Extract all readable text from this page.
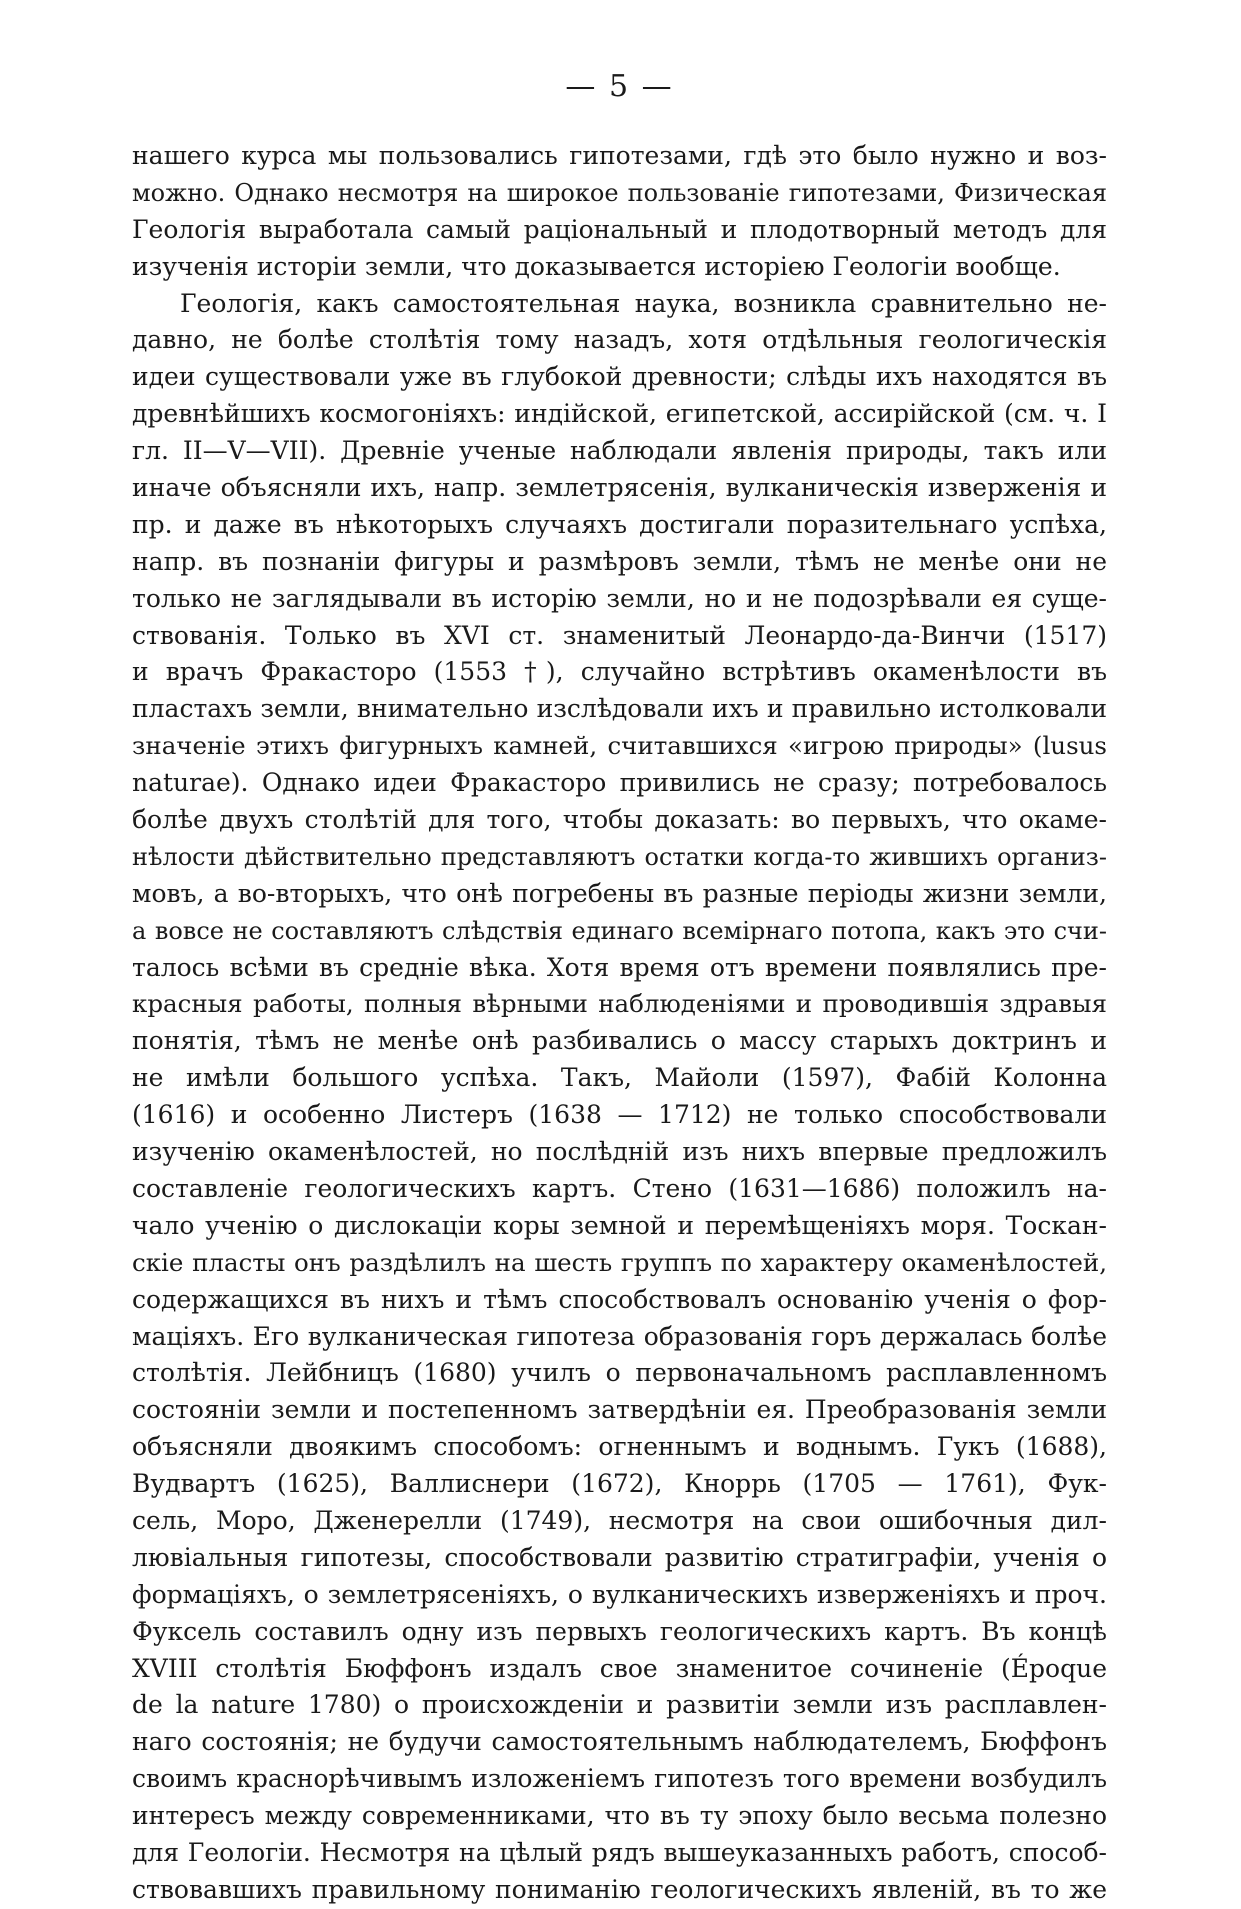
— 5 —
нашего курса мы пользовались гипотезами, гдѣ это было нужно и воз-
можно. Однако несмотря на широкое пользованіе гипотезами, Физическая
Геологія выработала самый раціональный и плодотворный методъ для
изученія исторіи земли, что доказывается исторіею Геологіи вообще.
Геологія, какъ самостоятельная наука, возникла сравнительно не-
давно, не болѣе столѣтія тому назадъ, хотя отдѣльныя геологическія
идеи существовали уже въ глубокой древности; слѣды ихъ находятся въ
древнѣйшихъ космогоніяхъ: индійской, египетской, ассирійской (см. ч. I
гл. II—V—VII). Древніе ученые наблюдали явленія природы, такъ или
иначе объясняли ихъ, напр. землетрясенія, вулканическія изверженія и
пр. и даже въ нѣкоторыхъ случаяхъ достигали поразительнаго успѣха,
напр. въ познаніи фигуры и размѣровъ земли, тѣмъ не менѣе они не
только не заглядывали въ исторію земли, но и не подозрѣвали ея суще-
ствованія. Только въ XVI ст. знаменитый Леонардо-да-Винчи (1517)
и врачъ Фракасторо (1553 †), случайно встрѣтивъ окаменѣлости въ
пластахъ земли, внимательно изслѣдовали ихъ и правильно истолковали
значеніе этихъ фигурныхъ камней, считавшихся «игрою природы» (lusus
naturae). Однако идеи Фракасторо привились не сразу; потребовалось
болѣе двухъ столѣтій для того, чтобы доказать: во первыхъ, что окаме-
нѣлости дѣйствительно представляютъ остатки когда-то жившихъ организ-
мовъ, а во-вторыхъ, что онѣ погребены въ разные періоды жизни земли,
а вовсе не составляютъ слѣдствія единаго всемірнаго потопа, какъ это счи-
талось всѣми въ средніе вѣка. Хотя время отъ времени появлялись пре-
красныя работы, полныя вѣрными наблюденіями и проводившія здравыя
понятія, тѣмъ не менѣе онѣ разбивались о массу старыхъ доктринъ и
не имѣли большого успѣха. Такъ, Майоли (1597), Фабій Колонна
(1616) и особенно Листеръ (1638 — 1712) не только способствовали
изученію окаменѣлостей, но послѣдній изъ нихъ впервые предложилъ
составленіе геологическихъ картъ. Стено (1631—1686) положилъ на-
чало ученію о дислокаціи коры земной и перемѣщеніяхъ моря. Тоскан-
скіе пласты онъ раздѣлилъ на шесть группъ по характеру окаменѣлостей,
содержащихся въ нихъ и тѣмъ способствовалъ основанію ученія о фор-
маціяхъ. Его вулканическая гипотеза образованія горъ держалась болѣе
столѣтія. Лейбницъ (1680) училъ о первоначальномъ расплавленномъ
состояніи земли и постепенномъ затвердѣніи ея. Преобразованія земли
объясняли двоякимъ способомъ: огненнымъ и воднымъ. Гукъ (1688),
Вудвартъ (1625), Валлиснери (1672), Кноррь (1705 — 1761), Фук-
сель, Моро, Дженерелли (1749), несмотря на свои ошибочныя дил-
лювіальныя гипотезы, способствовали развитію стратиграфіи, ученія о
формаціяхъ, о землетрясеніяхъ, о вулканическихъ изверженіяхъ и проч.
Фуксель составилъ одну изъ первыхъ геологическихъ картъ. Въ концѣ
XVIII столѣтія Бюффонъ издалъ свое знаменитое сочиненіе (Époque
de la nature 1780) о происхожденіи и развитіи земли изъ расплавлен-
наго состоянія; не будучи самостоятельнымъ наблюдателемъ, Бюффонъ
своимъ краснорѣчивымъ изложеніемъ гипотезъ того времени возбудилъ
интересъ между современниками, что въ ту эпоху было весьма полезно
для Геологіи. Несмотря на цѣлый рядъ вышеуказанныхъ работъ, способ-
ствовавшихъ правильному пониманію геологическихъ явленій, въ то же
